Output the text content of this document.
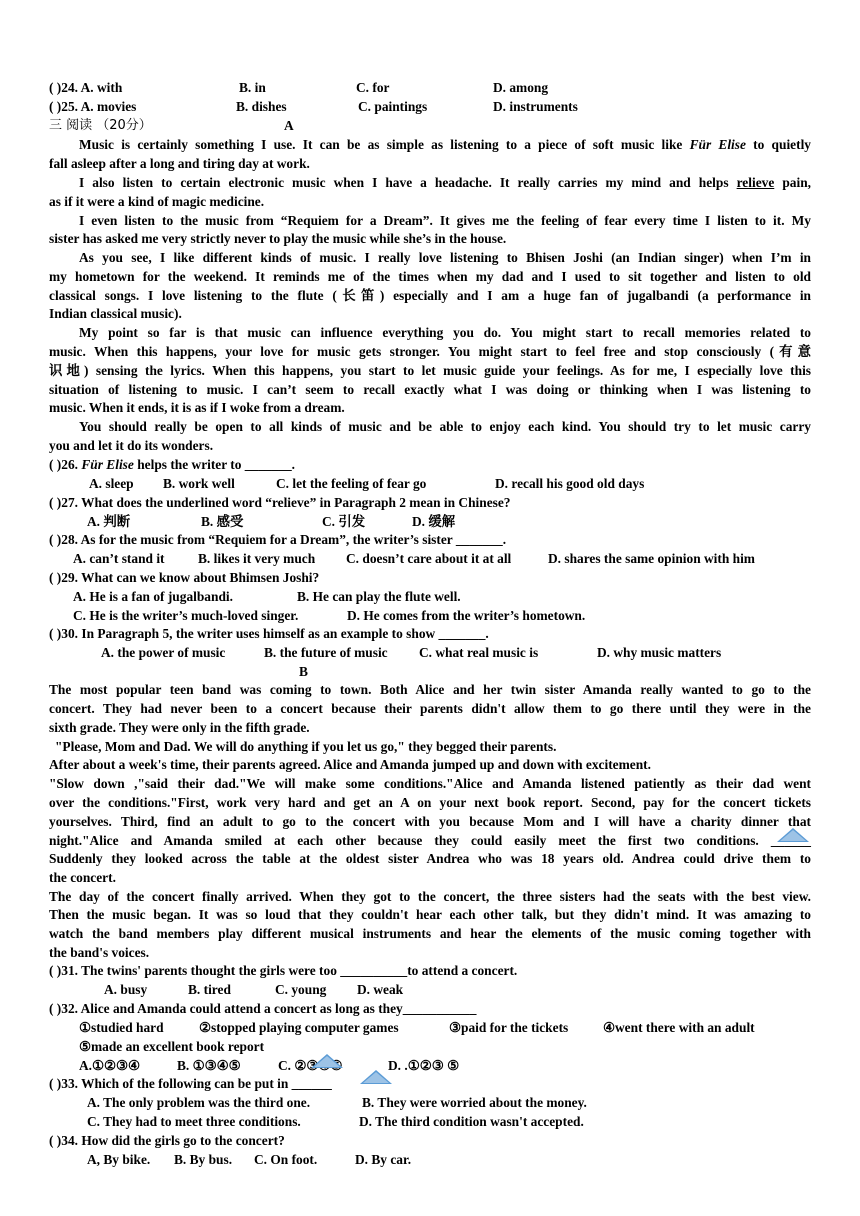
( )24. A. with	B. in	C. for	D. among
( )25. A. movies	B. dishes	C. paintings	D. instruments
三 阅读 （20分）	A
Music is certainly something I use. It can be as simple as listening to a piece of soft music like Für Elise to quietly
fall asleep after a long and tiring day at work.
I also listen to certain electronic music when I have a headache. It really carries my mind and helps relieve pain,
as if it were a kind of magic medicine.
I even listen to the music from “Requiem for a Dream”. It gives me the feeling of fear every time I listen to it. My
sister has asked me very strictly never to play the music while she’s in the house.
As you see, I like different kinds of music. I really love listening to Bhisen Joshi (an Indian singer) when I’m in
my hometown for the weekend. It reminds me of the times when my dad and I used to sit together and listen to old
classical songs. I love listening to the flute (长笛) especially and I am a huge fan of jugalbandi (a performance in
Indian classical music).
My point so far is that music can influence everything you do. You might start to recall memories related to
music. When this happens, your love for music gets stronger. You might start to feel free and stop consciously (有意
识地) sensing the lyrics. When this happens, you start to let music guide your feelings. As for me, I especially love this
situation of listening to music. I can’t seem to recall exactly what I was doing or thinking when I was listening to
music. When it ends, it is as if I woke from a dream.
You should really be open to all kinds of music and be able to enjoy each kind. You should try to let music carry
you and let it do its wonders.
( )26. Für Elise helps the writer to _______.
A. sleep B. work well	C. let the feeling of fear go	D. recall his good old days
( )27. What does the underlined word “relieve” in Paragraph 2 mean in Chinese?
A. 判断	B. 感受	C. 引发	D. 缓解
( )28. As for the music from “Requiem for a Dream”, the writer’s sister _______.
A. can’t stand it B. likes it very much C. doesn’t care about it at all	D. shares the same opinion with him
( )29. What can we know about Bhimsen Joshi?
A. He is a fan of jugalbandi.	B. He can play the flute well.
C. He is the writer’s much-loved singer.	D. He comes from the writer’s hometown.
( )30. In Paragraph 5, the writer uses himself as an example to show _______.
A. the power of music	B. the future of music C. what real music is	D. why music matters
B
The most popular teen band was coming to town. Both Alice and her twin sister Amanda really wanted to go to the
concert. They had never been to a concert because their parents didn't allow them to go there until they were in the
sixth grade. They were only in the fifth grade.
"Please, Mom and Dad. We will do anything if you let us go," they begged their parents.
After about a week's time, their parents agreed. Alice and Amanda jumped up and down with excitement.
"Slow down ,"said their dad."We will make some conditions."Alice and Amanda listened patiently as their dad went
over the conditions."First, work very hard and get an A on your next book report. Second, pay for the concert tickets
yourselves. Third, find an adult to go to the concert with you because Mom and I will have a charity dinner that
night."Alice and Amanda smiled at each other because they could easily meet the first two conditions. ______
Suddenly they looked across the table at the oldest sister Andrea who was 18 years old. Andrea could drive them to
the concert.
The day of the concert finally arrived. When they got to the concert, the three sisters had the seats with the best view.
Then the music began. It was so loud that they couldn't hear each other talk, but they didn't mind. It was amazing to
watch the band members play different musical instruments and hear the elements of the music coming together with
the band's voices.
( )31. The twins' parents thought the girls were too __________to attend a concert.
A. busy	B. tired	C. young D. weak
( )32. Alice and Amanda could attend a concert as long as they___________
①studied hard	②stopped playing computer games	③paid for the tickets	④went there with an adult
⑤made an excellent book report
A.①②③④	B. ①③④⑤	C. ②③④⑤	D. .①②③ ⑤
( )33. Which of the following can be put in ______
A. The only problem was the third one.	B. They were worried about the money.
C. They had to meet three conditions.	D. The third condition wasn't accepted.
( )34. How did the girls go to the concert?
A, By bike. B. By bus. C. On foot.	D. By car.
